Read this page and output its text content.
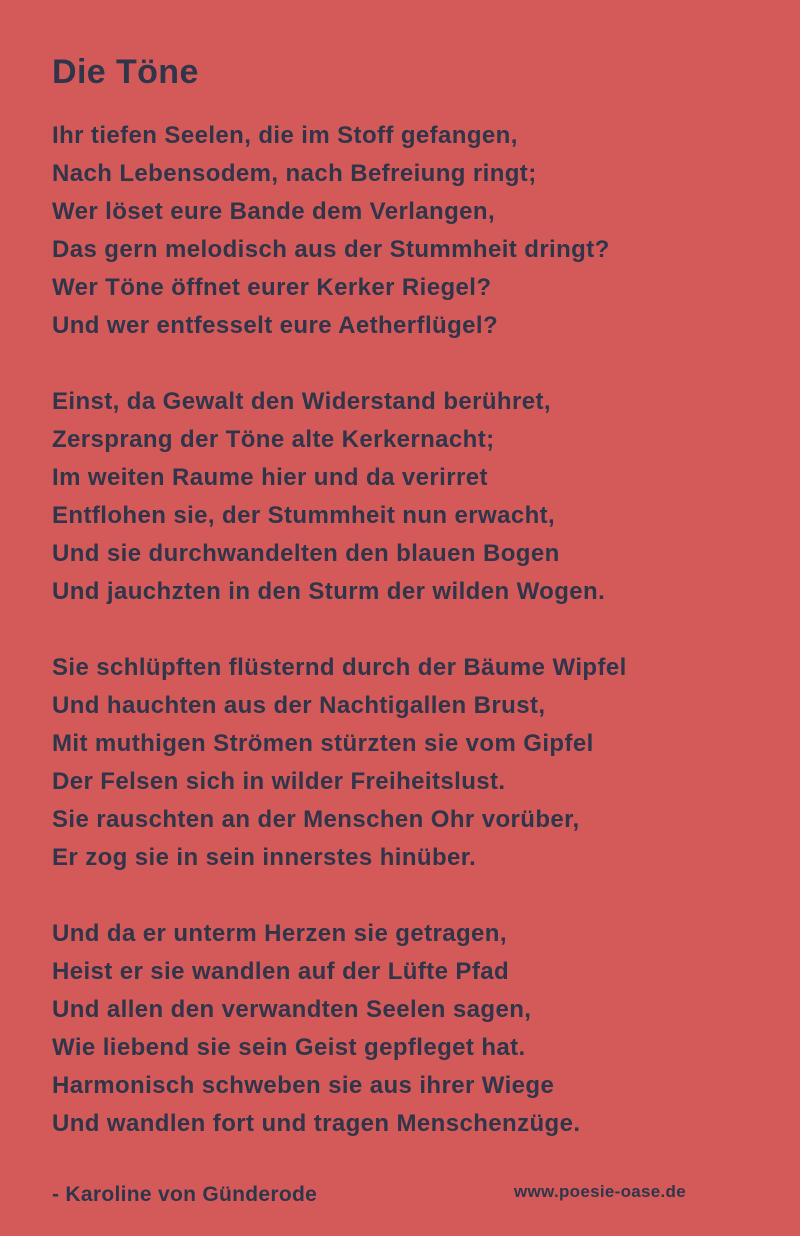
Die Töne
Ihr tiefen Seelen, die im Stoff gefangen,
Nach Lebensodem, nach Befreiung ringt;
Wer löset eure Bande dem Verlangen,
Das gern melodisch aus der Stummheit dringt?
Wer Töne öffnet eurer Kerker Riegel?
Und wer entfesselt eure Aetherflügel?
Einst, da Gewalt den Widerstand berühret,
Zersprang der Töne alte Kerkernacht;
Im weiten Raume hier und da verirret
Entflohen sie, der Stummheit nun erwacht,
Und sie durchwandelten den blauen Bogen
Und jauchzten in den Sturm der wilden Wogen.
Sie schlüpften flüsternd durch der Bäume Wipfel
Und hauchten aus der Nachtigallen Brust,
Mit muthigen Strömen stürzten sie vom Gipfel
Der Felsen sich in wilder Freiheitslust.
Sie rauschten an der Menschen Ohr vorüber,
Er zog sie in sein innerstes hinüber.
Und da er unterm Herzen sie getragen,
Heist er sie wandlen auf der Lüfte Pfad
Und allen den verwandten Seelen sagen,
Wie liebend sie sein Geist gepfleget hat.
Harmonisch schweben sie aus ihrer Wiege
Und wandlen fort und tragen Menschenzüge.
- Karoline von Günderode	www.poesie-oase.de
